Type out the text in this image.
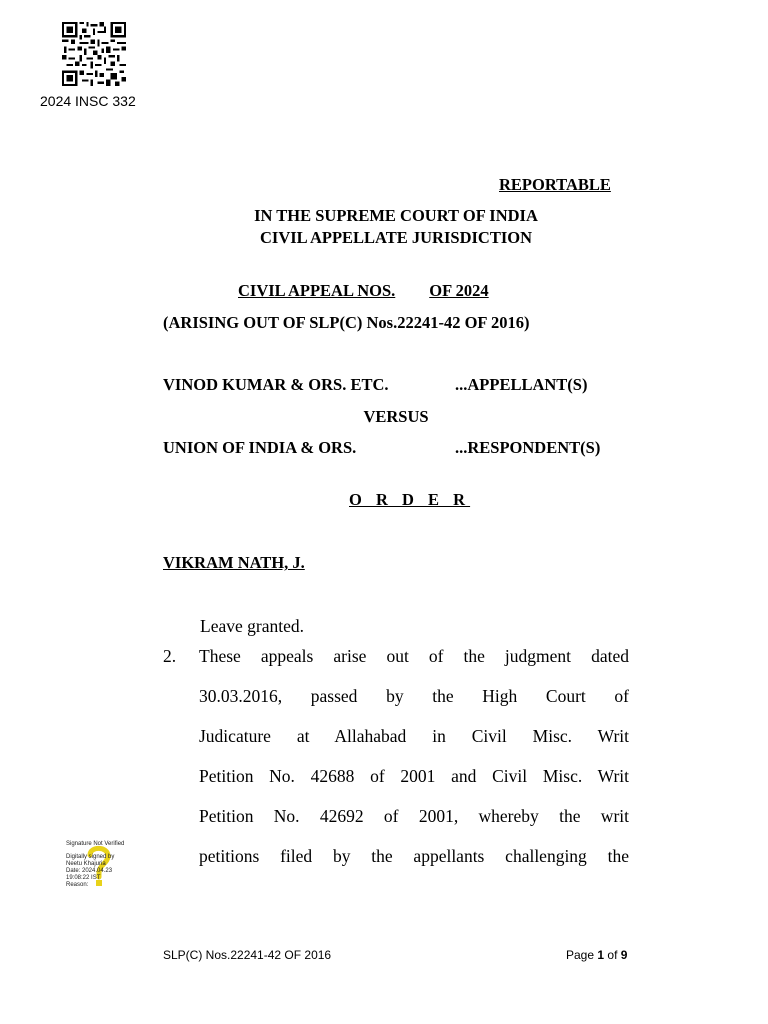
2024 INSC 332
REPORTABLE
IN THE SUPREME COURT OF INDIA
CIVIL APPELLATE JURISDICTION
CIVIL APPEAL NOS. OF 2024
(ARISING OUT OF SLP(C) Nos.22241-42 OF 2016)
VINOD KUMAR & ORS. ETC.	...APPELLANT(S)
VERSUS
UNION OF INDIA & ORS.	...RESPONDENT(S)
O R D E R
VIKRAM NATH, J.
Leave granted.
2. These appeals arise out of the judgment dated
30.03.2016, passed by the High Court of
Judicature at Allahabad in Civil Misc. Writ
Petition No. 42688 of 2001 and Civil Misc. Writ
Petition No. 42692 of 2001, whereby the writ
petitions filed by the appellants challenging the
Signature Not Verified
Digitally signed by
Neetu Khajuria
Date: 2024.04.23
19:08:22 IST
Reason:
SLP(C) Nos.22241-42 OF 2016	Page 1 of 9
